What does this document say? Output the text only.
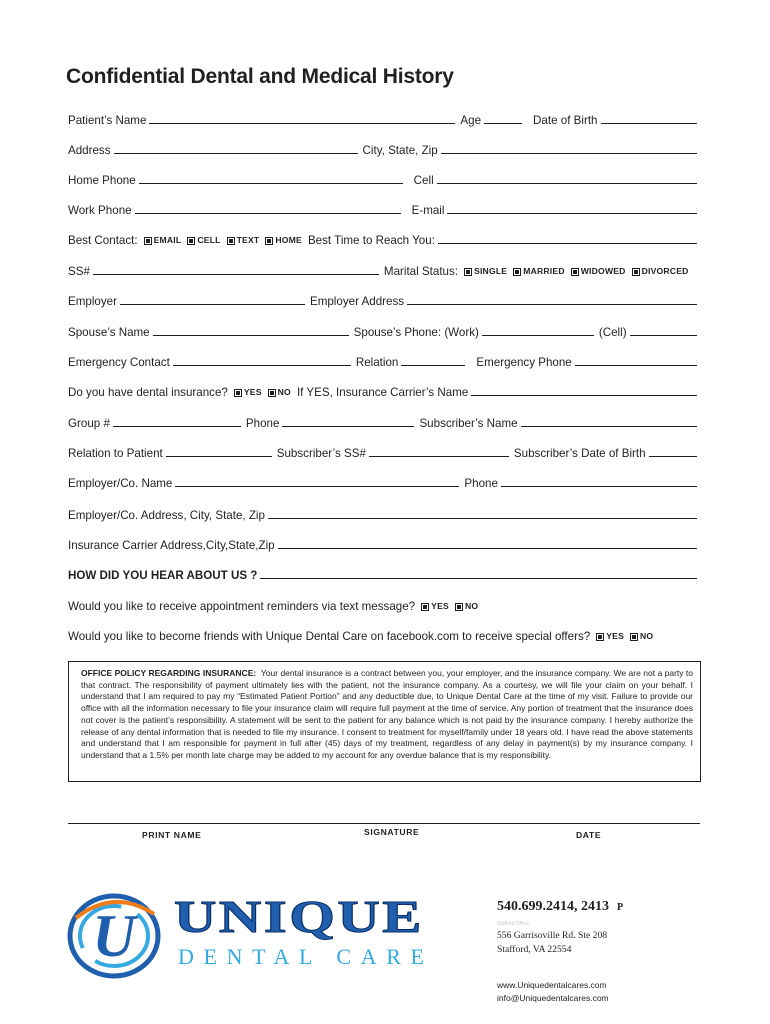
Confidential Dental and Medical History
Patient’s Name	Age	Date of Birth
Address	City, State, Zip
Home Phone	Cell
Work Phone	E-mail
Best Contact: EMAIL CELL TEXT HOME Best Time to Reach You:
SS#	Marital Status: SINGLE MARRIED WIDOWED DIVORCED
Employer	Employer Address
Spouse’s Name	Spouse’s Phone: (Work)	(Cell)
Emergency Contact	Relation	Emergency Phone
Do you have dental insurance? YES NO If YES, Insurance Carrier’s Name
Group #	Phone	Subscriber’s Name
Relation to Patient	Subscriber’s SS#	Subscriber’s Date of Birth
Employer/Co. Name	Phone
Employer/Co. Address, City, State, Zip
Insurance Carrier Address,City,State,Zip
HOW DID YOU HEAR ABOUT US ?
Would you like to receive appointment reminders via text message? YES NO
Would you like to become friends with Unique Dental Care on facebook.com to receive special offers? YES NO
OFFICE POLICY REGARDING INSURANCE: Your dental insurance is a contract between you, your employer, and the insurance company. We are not a party to that contract. The responsibility of payment ultimately lies with the patient, not the insurance company. As a courtesy, we will file your claim on your behalf. I understand that I am required to pay my “Estimated Patient Portion” and any deductible due, to Unique Dental Care at the time of my visit. Failure to provide our office with all the information necessary to file your insurance claim will require full payment at the time of service. Any portion of treatment that the insurance does not cover is the patient’s responsibility. A statement will be sent to the patient for any balance which is not paid by the insurance company. I hereby authorize the release of any dental information that is needed to file my insurance. I consent to treatment for myself/family under 18 years old. I have read the above statements and understand that I am responsible for payment in full after (45) days of my treatment, regardless of any delay in payment(s) by my insurance company. I understand that a 1.5% per month late charge may be added to my account for any overdue balance that is my responsibility.
PRINT NAME	SIGNATURE	DATE
U UNIQUE
DENTAL CARE
540.699.2414, 2413 P
Stafford Office
556 Garrisoville Rd. Ste 208
Stafford, VA 22554
www.Uniquedentalcares.com
info@Uniquedentalcares.com
